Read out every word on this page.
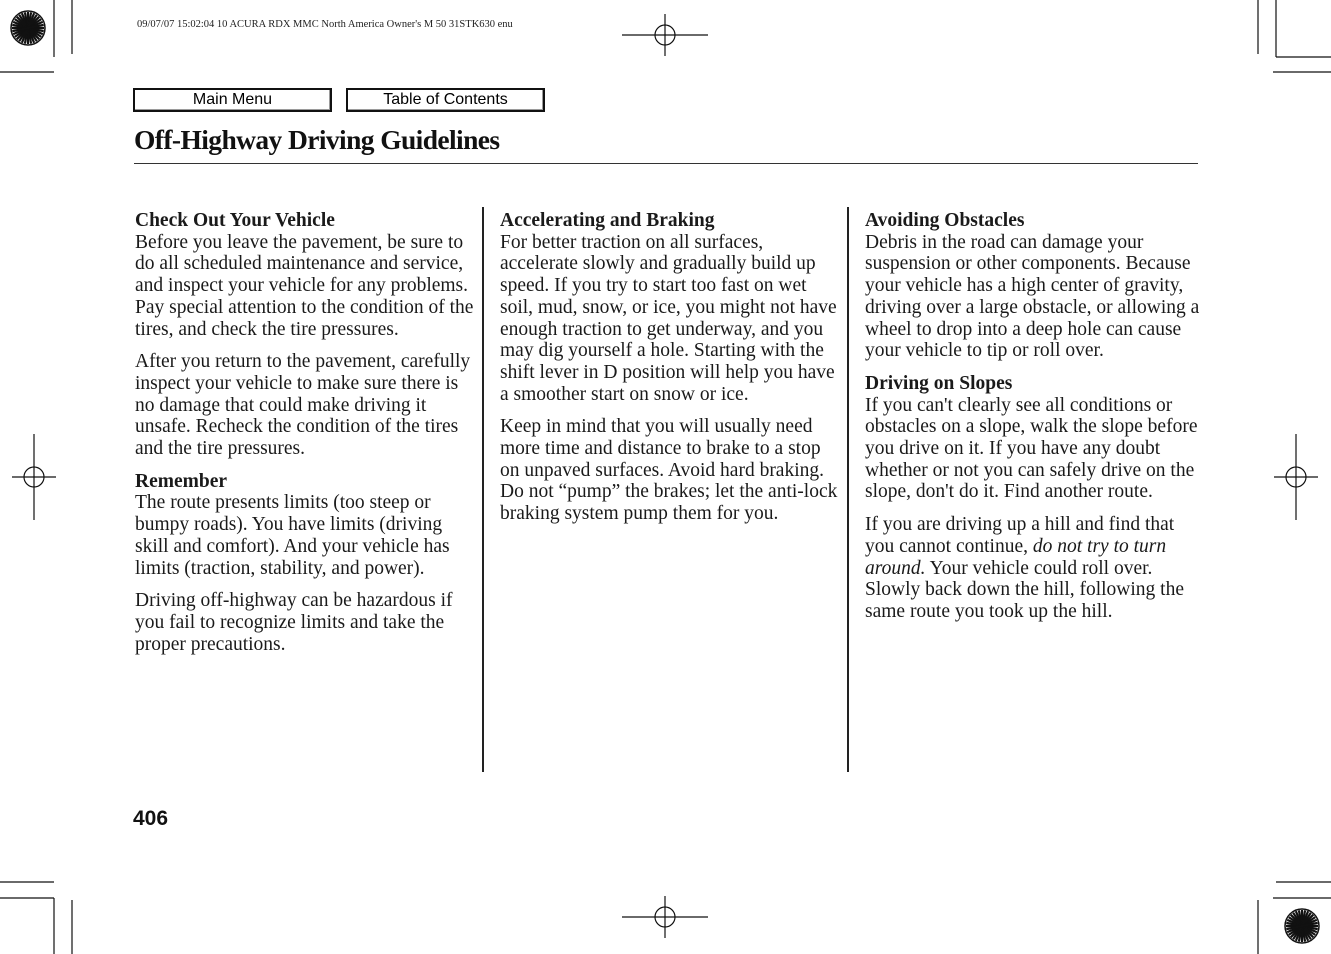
09/07/07 15:02:04 10 ACURA RDX MMC North America Owner's M 50 31STK630 enu
Main Menu	Table of Contents
Off-Highway Driving Guidelines
Check Out Your Vehicle

Before you leave the pavement, be sure to do all scheduled maintenance and service, and inspect your vehicle for any problems. Pay special attention to the condition of the tires, and check the tire pressures.

After you return to the pavement, carefully inspect your vehicle to make sure there is no damage that could make driving it unsafe. Recheck the condition of the tires and the tire pressures.

Remember

The route presents limits (too steep or bumpy roads). You have limits (driving skill and comfort). And your vehicle has limits (traction, stability, and power).

Driving off-highway can be hazardous if you fail to recognize limits and take the proper precautions.

Accelerating and Braking

For better traction on all surfaces, accelerate slowly and gradually build up speed. If you try to start too fast on wet soil, mud, snow, or ice, you might not have enough traction to get underway, and you may dig yourself a hole. Starting with the shift lever in D position will help you have a smoother start on snow or ice.

Keep in mind that you will usually need more time and distance to brake to a stop on unpaved surfaces. Avoid hard braking. Do not “pump” the brakes; let the anti-lock braking system pump them for you.

Avoiding Obstacles

Debris in the road can damage your suspension or other components. Because your vehicle has a high center of gravity, driving over a large obstacle, or allowing a wheel to drop into a deep hole can cause your vehicle to tip or roll over.

Driving on Slopes

If you can't clearly see all conditions or obstacles on a slope, walk the slope before you drive on it. If you have any doubt whether or not you can safely drive on the slope, don't do it. Find another route.

If you are driving up a hill and find that you cannot continue, do not try to turn around. Your vehicle could roll over. Slowly back down the hill, following the same route you took up the hill.

406
